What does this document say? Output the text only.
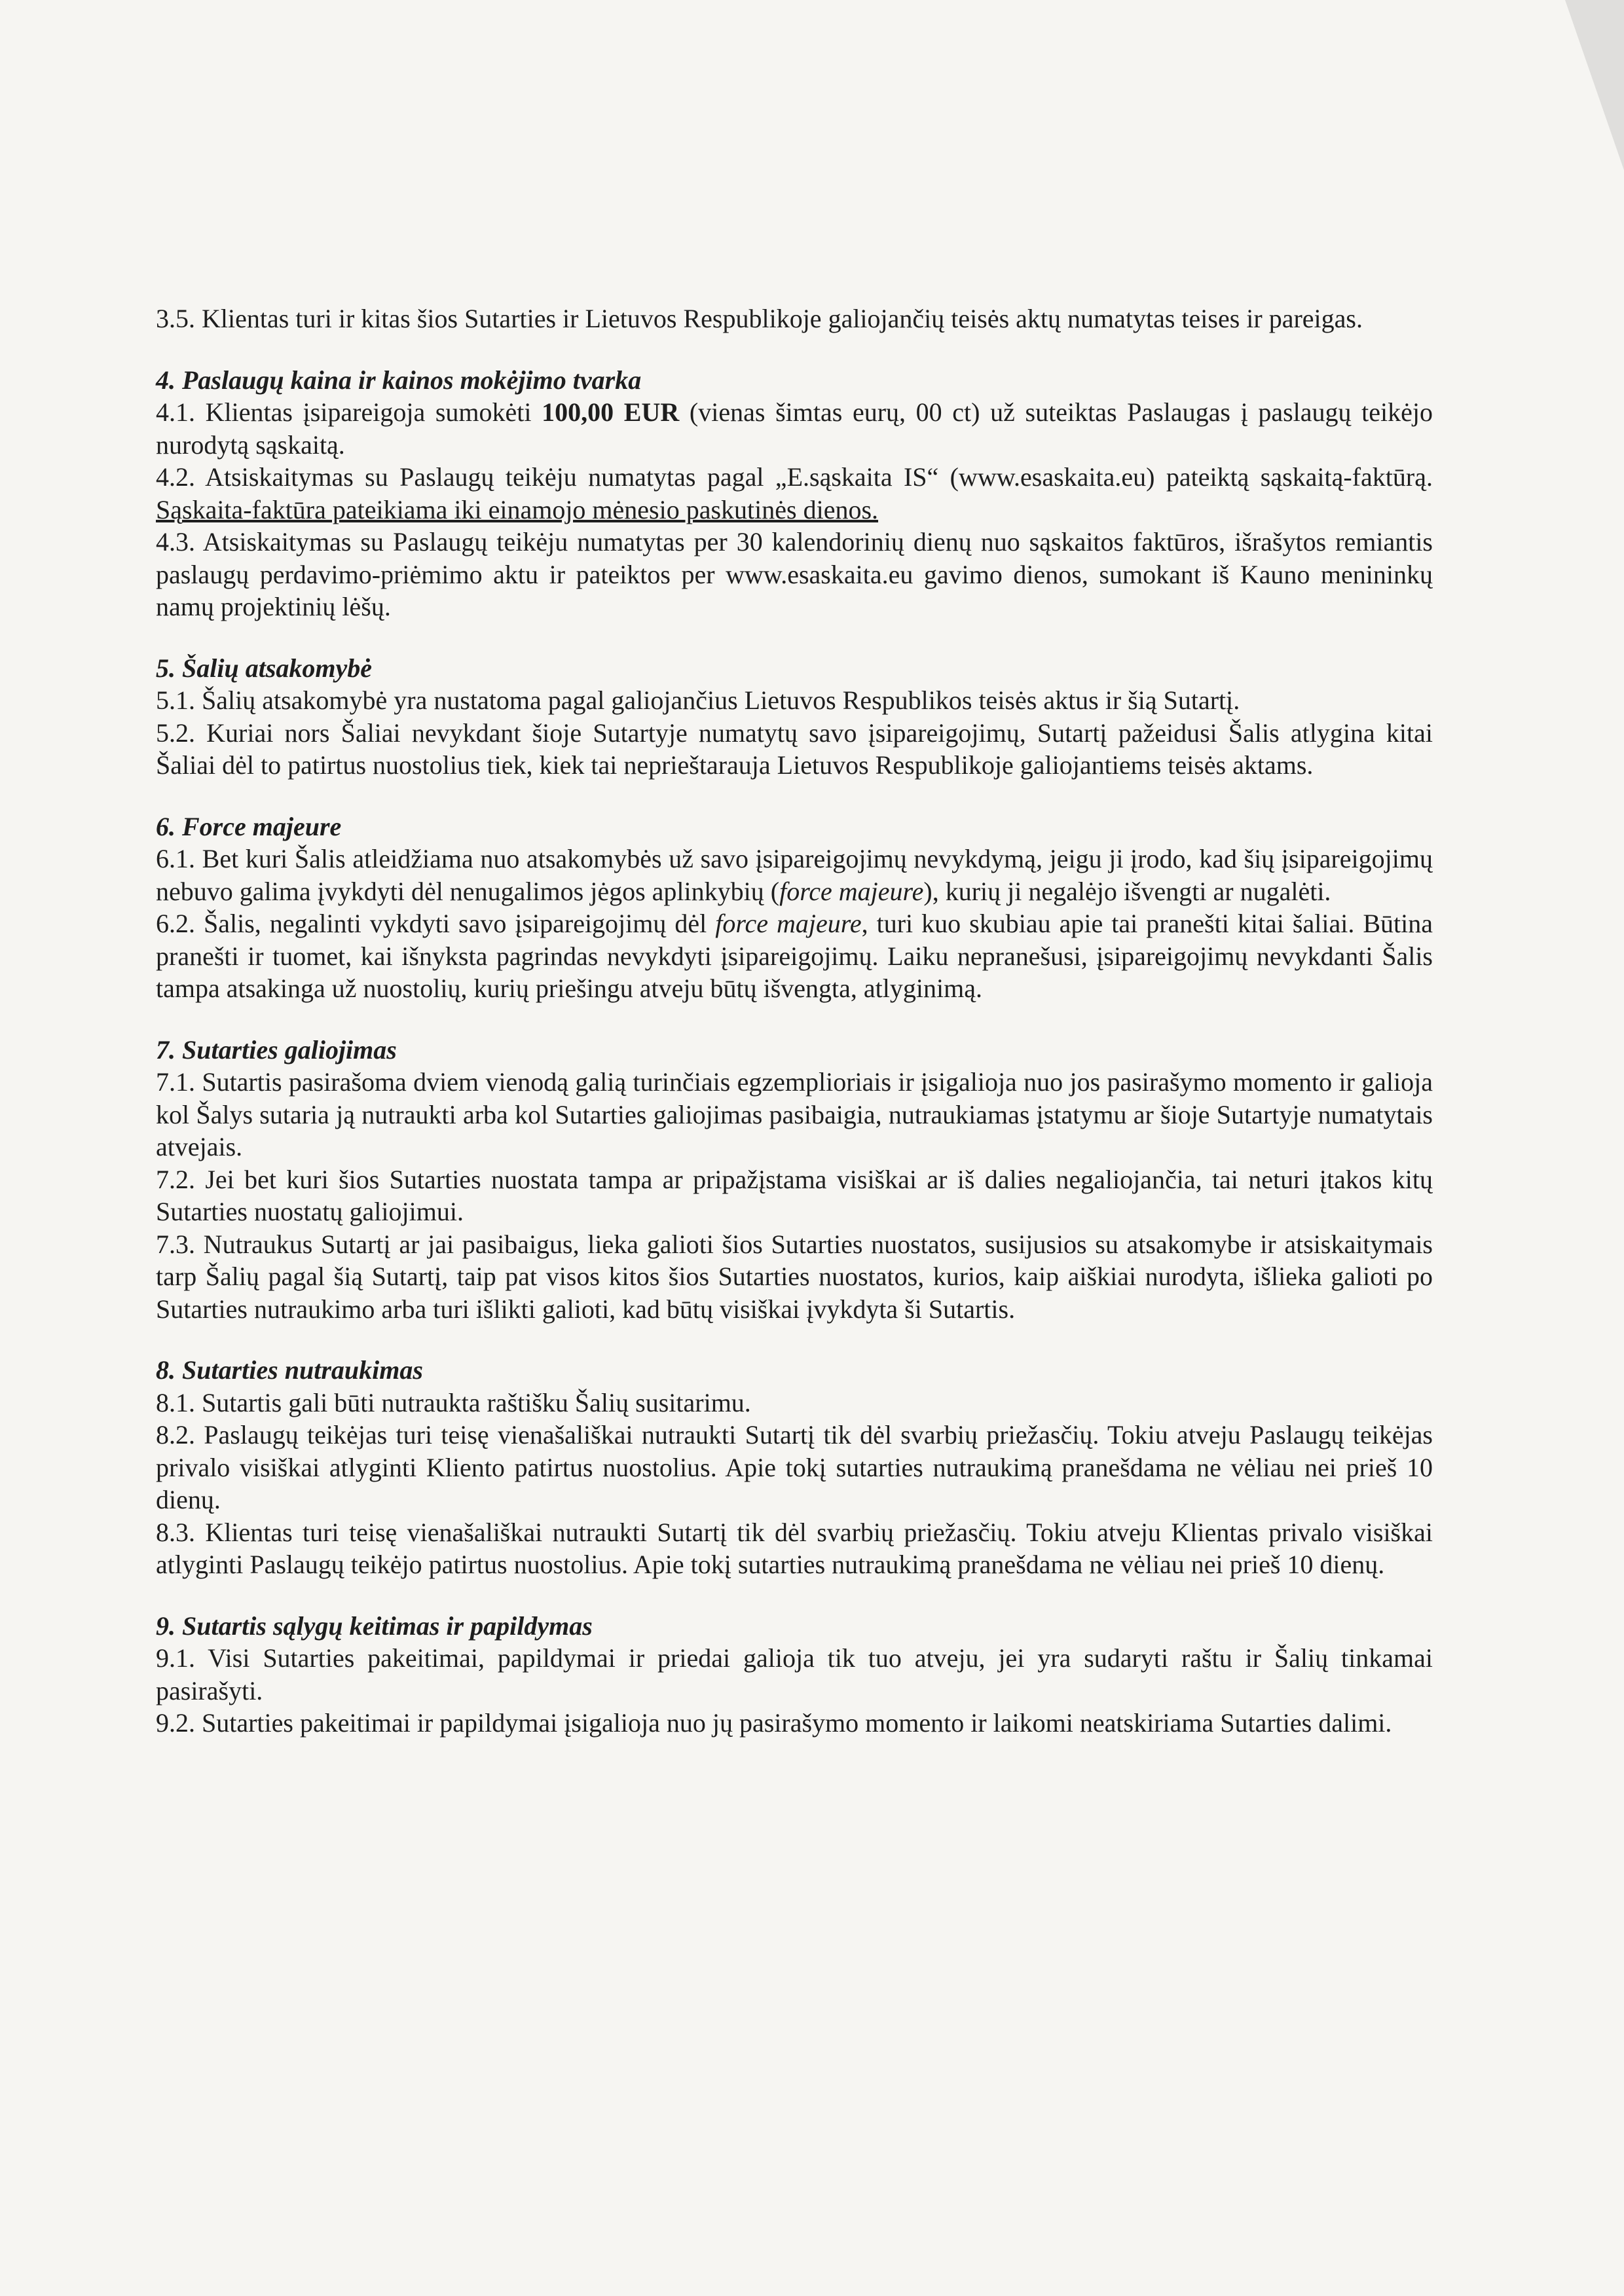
3.5. Klientas turi ir kitas šios Sutarties ir Lietuvos Respublikoje galiojančių teisės aktų numatytas teises ir pareigas.

4. Paslaugų kaina ir kainos mokėjimo tvarka

4.1. Klientas įsipareigoja sumokėti 100,00 EUR (vienas šimtas eurų, 00 ct) už suteiktas Paslaugas į paslaugų teikėjo nurodytą sąskaitą.

4.2. Atsiskaitymas su Paslaugų teikėju numatytas pagal „E.sąskaita IS“ (www.esaskaita.eu) pateiktą sąskaitą-faktūrą. Sąskaita-faktūra pateikiama iki einamojo mėnesio paskutinės dienos.

4.3. Atsiskaitymas su Paslaugų teikėju numatytas per 30 kalendorinių dienų nuo sąskaitos faktūros, išrašytos remiantis paslaugų perdavimo-priėmimo aktu ir pateiktos per www.esaskaita.eu gavimo dienos, sumokant iš Kauno menininkų namų projektinių lėšų.

5. Šalių atsakomybė

5.1. Šalių atsakomybė yra nustatoma pagal galiojančius Lietuvos Respublikos teisės aktus ir šią Sutartį.

5.2. Kuriai nors Šaliai nevykdant šioje Sutartyje numatytų savo įsipareigojimų, Sutartį pažeidusi Šalis atlygina kitai Šaliai dėl to patirtus nuostolius tiek, kiek tai neprieštarauja Lietuvos Respublikoje galiojantiems teisės aktams.

6. Force majeure

6.1. Bet kuri Šalis atleidžiama nuo atsakomybės už savo įsipareigojimų nevykdymą, jeigu ji įrodo, kad šių įsipareigojimų nebuvo galima įvykdyti dėl nenugalimos jėgos aplinkybių (force majeure), kurių ji negalėjo išvengti ar nugalėti.

6.2. Šalis, negalinti vykdyti savo įsipareigojimų dėl force majeure, turi kuo skubiau apie tai pranešti kitai šaliai. Būtina pranešti ir tuomet, kai išnyksta pagrindas nevykdyti įsipareigojimų. Laiku nepranešusi, įsipareigojimų nevykdanti Šalis tampa atsakinga už nuostolių, kurių priešingu atveju būtų išvengta, atlyginimą.

7. Sutarties galiojimas

7.1. Sutartis pasirašoma dviem vienodą galią turinčiais egzemplioriais ir įsigalioja nuo jos pasirašymo momento ir galioja kol Šalys sutaria ją nutraukti arba kol Sutarties galiojimas pasibaigia, nutraukiamas įstatymu ar šioje Sutartyje numatytais atvejais.

7.2. Jei bet kuri šios Sutarties nuostata tampa ar pripažįstama visiškai ar iš dalies negaliojančia, tai neturi įtakos kitų Sutarties nuostatų galiojimui.

7.3. Nutraukus Sutartį ar jai pasibaigus, lieka galioti šios Sutarties nuostatos, susijusios su atsakomybe ir atsiskaitymais tarp Šalių pagal šią Sutartį, taip pat visos kitos šios Sutarties nuostatos, kurios, kaip aiškiai nurodyta, išlieka galioti po Sutarties nutraukimo arba turi išlikti galioti, kad būtų visiškai įvykdyta ši Sutartis.

8. Sutarties nutraukimas

8.1. Sutartis gali būti nutraukta raštišku Šalių susitarimu.

8.2. Paslaugų teikėjas turi teisę vienašališkai nutraukti Sutartį tik dėl svarbių priežasčių. Tokiu atveju Paslaugų teikėjas privalo visiškai atlyginti Kliento patirtus nuostolius. Apie tokį sutarties nutraukimą pranešdama ne vėliau nei prieš 10 dienų.

8.3. Klientas turi teisę vienašališkai nutraukti Sutartį tik dėl svarbių priežasčių. Tokiu atveju Klientas privalo visiškai atlyginti Paslaugų teikėjo patirtus nuostolius. Apie tokį sutarties nutraukimą pranešdama ne vėliau nei prieš 10 dienų.

9. Sutartis sąlygų keitimas ir papildymas

9.1. Visi Sutarties pakeitimai, papildymai ir priedai galioja tik tuo atveju, jei yra sudaryti raštu ir Šalių tinkamai pasirašyti.

9.2. Sutarties pakeitimai ir papildymai įsigalioja nuo jų pasirašymo momento ir laikomi neatskiriama Sutarties dalimi.
